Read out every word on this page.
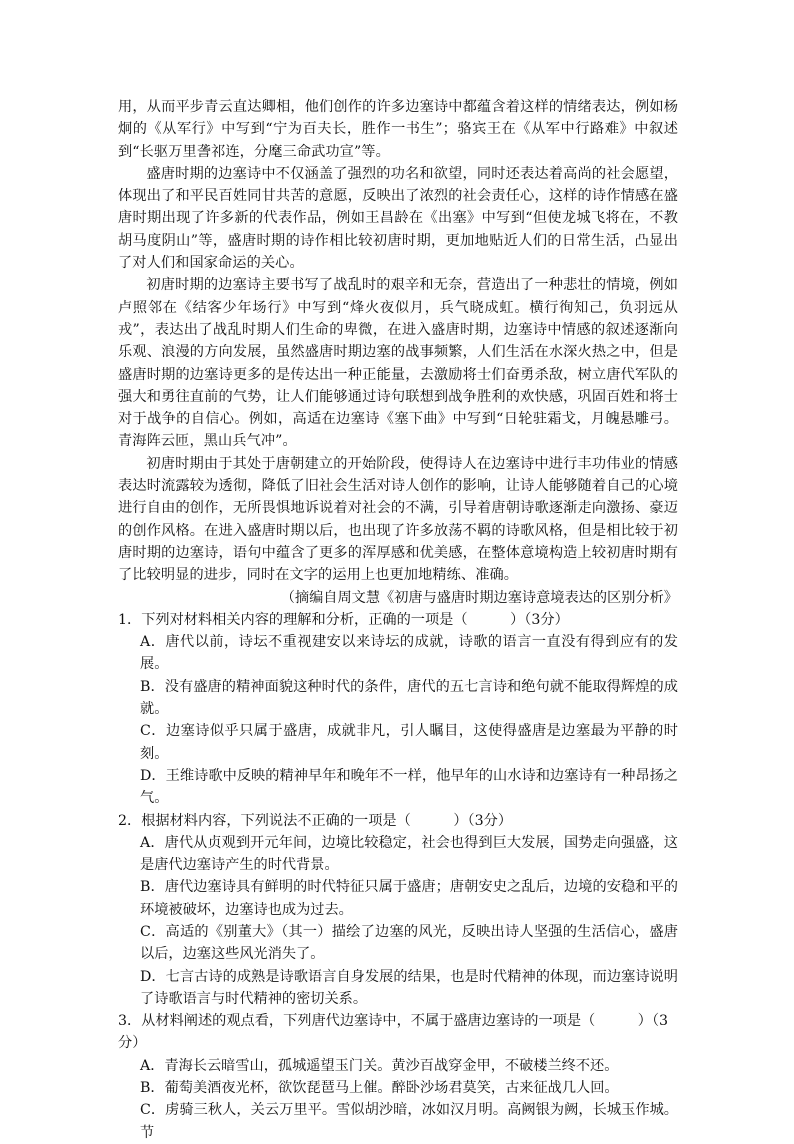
用，从而平步青云直达卿相，他们创作的许多边塞诗中都蕴含着这样的情绪表达，例如杨炯的《从军行》中写到“宁为百夫长，胜作一书生”；骆宾王在《从军中行路难》中叙述到“长驱万里詟祁连，分麾三命武功宣”等。

盛唐时期的边塞诗中不仅涵盖了强烈的功名和欲望，同时还表达着高尚的社会愿望，体现出了和平民百姓同甘共苦的意愿，反映出了浓烈的社会责任心，这样的诗作情感在盛唐时期出现了许多新的代表作品，例如王昌龄在《出塞》中写到“但使龙城飞将在，不教胡马度阴山”等，盛唐时期的诗作相比较初唐时期，更加地贴近人们的日常生活，凸显出了对人们和国家命运的关心。

初唐时期的边塞诗主要书写了战乱时的艰辛和无奈，营造出了一种悲壮的情境，例如卢照邻在《结客少年场行》中写到“烽火夜似月，兵气晓成虹。横行徇知己，负羽远从戎”，表达出了战乱时期人们生命的卑微，在进入盛唐时期，边塞诗中情感的叙述逐渐向乐观、浪漫的方向发展，虽然盛唐时期边塞的战事频繁，人们生活在水深火热之中，但是盛唐时期的边塞诗更多的是传达出一种正能量，去激励将士们奋勇杀敌，树立唐代军队的强大和勇往直前的气势，让人们能够通过诗句联想到战争胜利的欢快感，巩固百姓和将士对于战争的自信心。例如，高适在边塞诗《塞下曲》中写到“日轮驻霜戈，月魄悬雕弓。青海阵云匝，黑山兵气冲”。

初唐时期由于其处于唐朝建立的开始阶段，使得诗人在边塞诗中进行丰功伟业的情感表达时流露较为透彻，降低了旧社会生活对诗人创作的影响，让诗人能够随着自己的心境进行自由的创作，无所畏惧地诉说着对社会的不满，引导着唐朝诗歌逐渐走向激扬、豪迈的创作风格。在进入盛唐时期以后，也出现了许多放荡不羁的诗歌风格，但是相比较于初唐时期的边塞诗，语句中蕴含了更多的浑厚感和优美感，在整体意境构造上较初唐时期有了比较明显的进步，同时在文字的运用上也更加地精练、准确。

（摘编自周文慧《初唐与盛唐时期边塞诗意境表达的区别分析》

1．下列对材料相关内容的理解和分析，正确的一项是（　　　）（3分）

A．唐代以前，诗坛不重视建安以来诗坛的成就，诗歌的语言一直没有得到应有的发展。

B．没有盛唐的精神面貌这种时代的条件，唐代的五七言诗和绝句就不能取得辉煌的成就。

C．边塞诗似乎只属于盛唐，成就非凡，引人瞩目，这使得盛唐是边塞最为平静的时刻。

D．王维诗歌中反映的精神早年和晚年不一样，他早年的山水诗和边塞诗有一种昂扬之气。

2．根据材料内容，下列说法不正确的一项是（　　　）（3分）

A．唐代从贞观到开元年间，边境比较稳定，社会也得到巨大发展，国势走向强盛，这是唐代边塞诗产生的时代背景。

B．唐代边塞诗具有鲜明的时代特征只属于盛唐；唐朝安史之乱后，边境的安稳和平的环境被破坏，边塞诗也成为过去。

C．高适的《别董大》（其一）描绘了边塞的风光，反映出诗人坚强的生活信心，盛唐以后，边塞这些风光消失了。

D．七言古诗的成熟是诗歌语言自身发展的结果，也是时代精神的体现，而边塞诗说明了诗歌语言与时代精神的密切关系。

3．从材料阐述的观点看，下列唐代边塞诗中，不属于盛唐边塞诗的一项是（　　　）（3分）

A．青海长云暗雪山，孤城遥望玉门关。黄沙百战穿金甲，不破楼兰终不还。

B．葡萄美酒夜光杯，欲饮琵琶马上催。醉卧沙场君莫笑，古来征战几人回。

C．虏骑三秋人，关云万里平。雪似胡沙暗，冰如汉月明。高阙银为阙，长城玉作城。节
